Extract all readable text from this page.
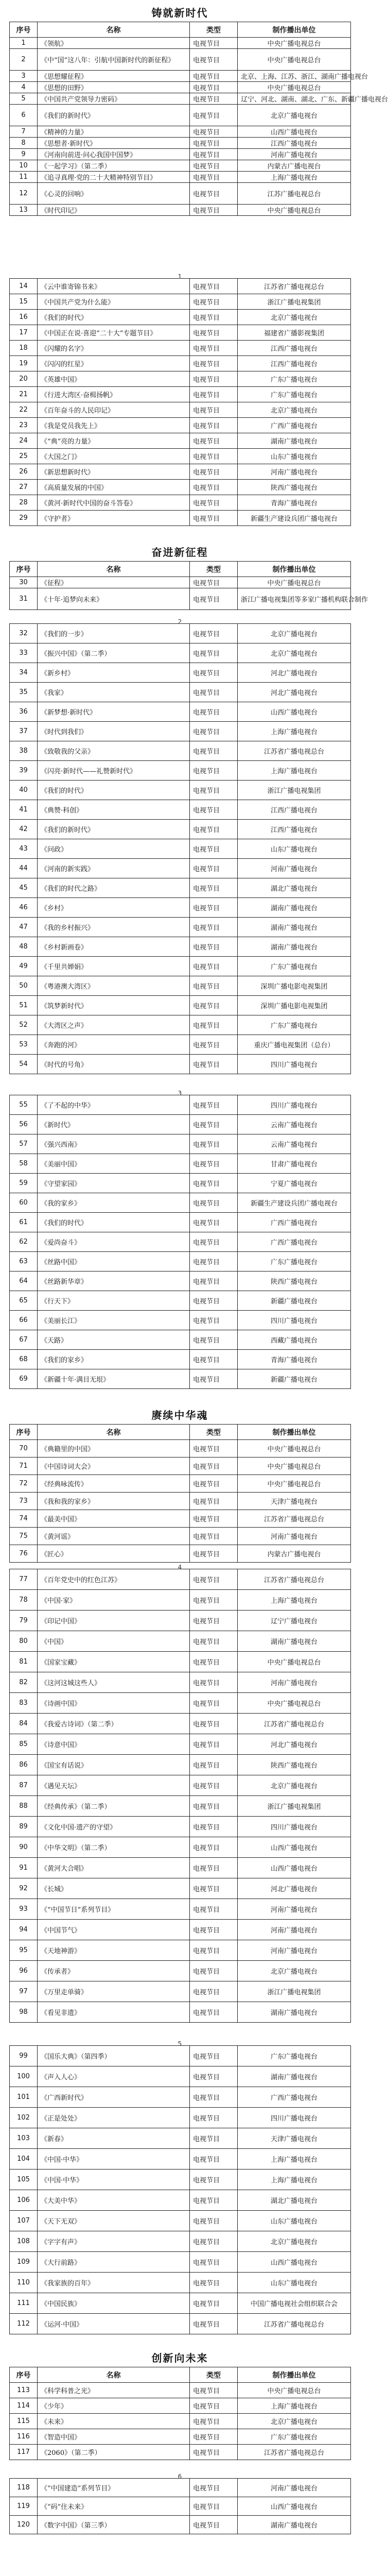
铸就新时代
序号	名称	类型	制作播出单位
1	《领航》	电视节目	中央广播电视总台
2	《中“国”这八年：引航中国新时代的新征程》	电视节目	中央广播电视总台
3	《思想耀征程》	电视节目	北京、上海、江苏、浙江、湖南广播电视台
4	《思想的田野》	电视节目	中央广播电视总台
5	《中国共产党领导力密码》	电视节目	辽宁、河北、湖南、湖北、广东、新疆广播电视台
6	《我们的新时代》	电视节目	北京广播电视台
7	《精神的力量》	电视节目	山西广播电视台
8	《思想者·新时代》	电视节目	江西广播电视台
9	《河南向前进·问心我国中国梦》	电视节目	河南广播电视台
10	《一起学习》（第二季）	电视节目	内蒙古广播电视台
11	《追寻真理·党的二十大精神特别节目》	电视节目	上海广播电视台
12	《心灵的回响》	电视节目	江苏广播电视总台
13	《时代印记》	电视节目	中央广播电视总台
14	《云中谁寄锦书来》	电视节目	江苏省广播电视总台
15	《中国共产党为什么能》	电视节目	浙江广播电视集团
16	《我们的时代》	电视节目	北京广播电视台
17	《中国正在说·喜迎“二十大”专题节目》	电视节目	福建省广播影视集团
18	《闪耀的名字》	电视节目	江西广播电视台
19	《闪闪的红星》	电视节目	江西广播电视台
20	《英雄中国》	电视节目	广东广播电视台
21	《行进大湾区·奋楫扬帆》	电视节目	广东广播电视台
22	《百年奋斗的人民印记》	电视节目	北京广播电视台
23	《我是党员我先上》	电视节目	广西广播电视台
24	《“典”亮的力量》	电视节目	湖南广播电视台
25	《大国之门》	电视节目	山东广播电视台
26	《新思想新时代》	电视节目	河南广播电视台
27	《高质量发展的中国》	电视节目	陕西广播电视台
28	《黄河·新时代中国的奋斗答卷》	电视节目	青海广播电视台
29	《守护者》	电视节目	新疆生产建设兵团广播电视台
奋进新征程
序号	名称	类型	制作播出单位
30	《征程》	电视节目	中央广播电视总台
31	《十年·追梦向未来》	电视节目	浙江广播电视集团等多家广播机构联合制作
32	《我们的一步》	电视节目	北京广播电视台
33	《振兴中国》（第二季）	电视节目	北京广播电视台
34	《新乡村》	电视节目	河北广播电视台
35	《我家》	电视节目	河北广播电视台
36	《新梦想·新时代》	电视节目	山西广播电视台
37	《时代到我们》	电视节目	上海广播电视台
38	《致敬我的父亲》	电视节目	江苏省广播电视总台
39	《闪亮·新时代——礼赞新时代》	电视节目	上海广播电视台
40	《我们的时代》	电视节目	浙江广播电视集团
41	《典赞·科创》	电视节目	江西广播电视台
42	《我们的新时代》	电视节目	江西广播电视台
43	《问政》	电视节目	山东广播电视台
44	《河南的新实践》	电视节目	河南广播电视台
45	《我们的时代之路》	电视节目	湖北广播电视台
46	《乡村》	电视节目	湖南广播电视台
47	《我的乡村振兴》	电视节目	湖南广播电视台
48	《乡村新画卷》	电视节目	湖南广播电视台
49	《千里共婵娟》	电视节目	广东广播电视台
50	《粤港澳大湾区》	电视节目	深圳广播电影电视集团
51	《筑梦新时代》	电视节目	深圳广播电影电视集团
52	《大湾区之声》	电视节目	广东广播电视台
53	《奔跑的河》	电视节目	重庆广播电视集团（总台）
54	《时代的号角》	电视节目	四川广播电视台
55	《了不起的中华》	电视节目	四川广播电视台
56	《新时代》	电视节目	云南广播电视台
57	《强兴西南》	电视节目	云南广播电视台
58	《美丽中国》	电视节目	甘肃广播电视台
59	《守望家园》	电视节目	宁夏广播电视台
60	《我的家乡》	电视节目	新疆生产建设兵团广播电视台
61	《我们的时代》	电视节目	广西广播电视台
62	《爱尚奋斗》	电视节目	广西广播电视台
63	《丝路中国》	电视节目	广东广播电视台
64	《丝路新华章》	电视节目	陕西广播电视台
65	《行天下》	电视节目	新疆广播电视台
66	《美丽长江》	电视节目	四川广播电视台
67	《天路》	电视节目	西藏广播电视台
68	《我们的家乡》	电视节目	青海广播电视台
69	《新疆十年·满目无垠》	电视节目	新疆广播电视台
赓续中华魂
序号	名称	类型	制作播出单位
70	《典籍里的中国》	电视节目	中央广播电视总台
71	《中国诗词大会》	电视节目	中央广播电视总台
72	《经典咏流传》	电视节目	中央广播电视总台
73	《我和我的家乡》	电视节目	天津广播电视台
74	《最美中国》	电视节目	江苏省广播电视总台
75	《黄河谣》	电视节目	河南广播电视台
76	《匠心》	电视节目	内蒙古广播电视台
77	《百年党史中的红色江苏》	电视节目	江苏省广播电视总台
78	《中国·家》	电视节目	上海广播电视台
79	《印记中国》	电视节目	辽宁广播电视台
80	《中国》	电视节目	湖南广播电视台
81	《国家宝藏》	电视节目	中央广播电视总台
82	《这河这城这些人》	电视节目	河南广播电视台
83	《诗画中国》	电视节目	中央广播电视总台
84	《我爱古诗词》（第二季）	电视节目	江苏省广播电视总台
85	《诗意中国》	电视节目	河北广播电视台
86	《国宝有话说》	电视节目	陕西广播电视台
87	《遇见天坛》	电视节目	北京广播电视台
88	《经典传承》（第二季）	电视节目	浙江广播电视集团
89	《文化中国·遗产的守望》	电视节目	四川广播电视台
90	《中华文明》（第二季）	电视节目	山西广播电视台
91	《黄河大合唱》	电视节目	山西广播电视台
92	《长城》	电视节目	河北广播电视台
93	《“中国节日”系列节目》	电视节目	河南广播电视台
94	《中国节气》	电视节目	河南广播电视台
95	《天地神游》	电视节目	河南广播电视台
96	《传承者》	电视节目	北京广播电视台
97	《万里走单骑》	电视节目	浙江广播电视集团
98	《看见非遗》	电视节目	湖南广播电视台
99	《国乐大典》（第四季）	电视节目	广东广播电视台
100	《声入人心》	电视节目	湖南广播电视台
101	《广西新时代》	电视节目	广西广播电视台
102	《正是处处》	电视节目	四川广播电视台
103	《新春》	电视节目	天津广播电视台
104	《中国·中华》	电视节目	上海广播电视台
105	《中国·中华》	电视节目	上海广播电视台
106	《大美中华》	电视节目	湖北广播电视台
107	《天下无双》	电视节目	山东广播电视台
108	《字字有声》	电视节目	北京广播电视台
109	《大行前路》	电视节目	山西广播电视台
110	《我家族的百年》	电视节目	山东广播电视台
111	《中国民族》	电视节目	中国广播电视社会组织联合会
112	《运河·中国》	电视节目	江苏省广播电视总台
创新向未来
序号	名称	类型	制作播出单位
113	《科学科普之光》	电视节目	中央广播电视总台
114	《少年》	电视节目	上海广播电视台
115	《未来》	电视节目	北京广播电视台
116	《智造中国》	电视节目	广东广播电视台
117	《2060》（第二季）	电视节目	江苏省广播电视总台
118	《“中国建造”系列节目》	电视节目	河南广播电视台
119	《“码”住未来》	电视节目	山西广播电视台
120	《数字中国》（第三季）	电视节目	湖南广播电视台
1
2
3
4
5
6
